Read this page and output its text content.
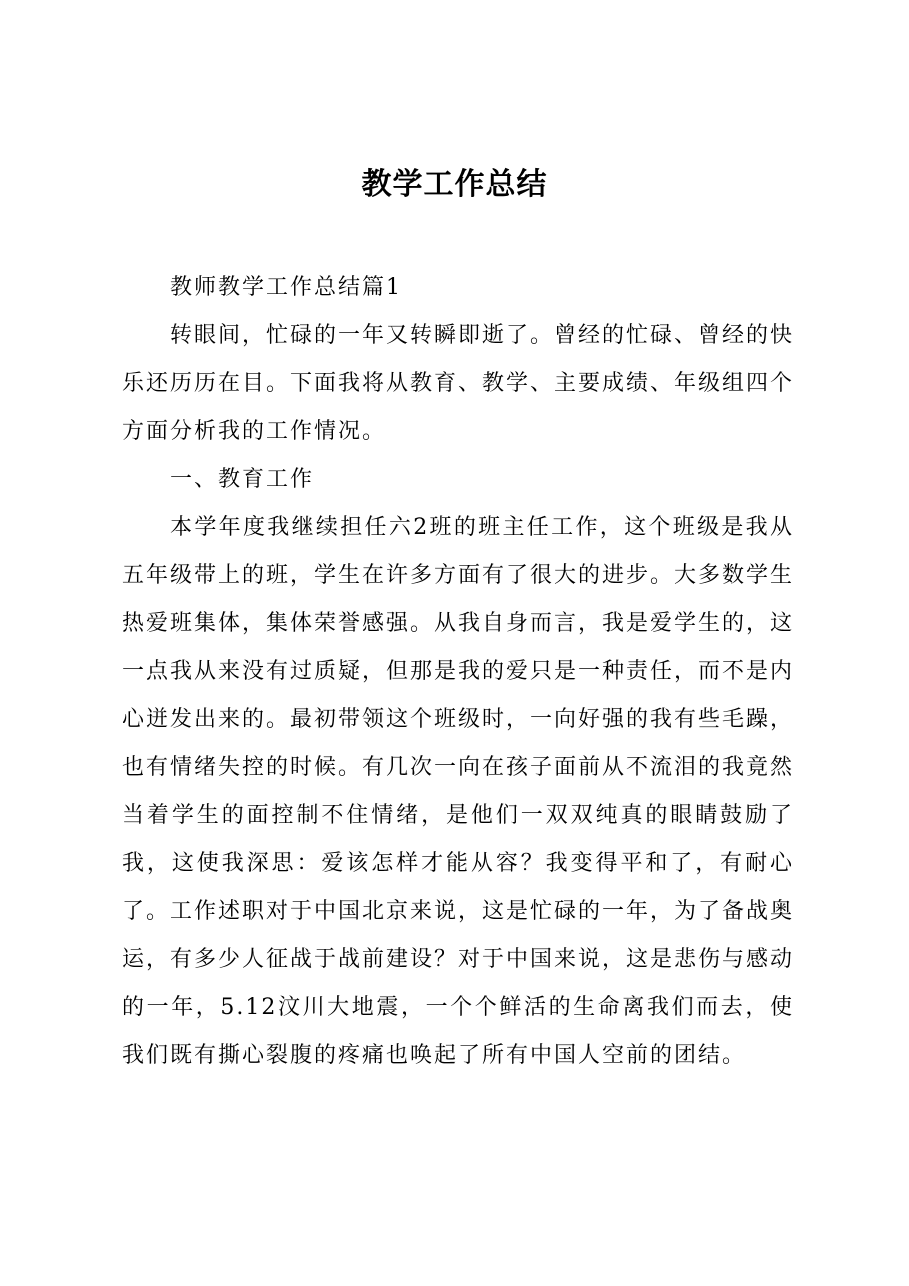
教学工作总结

教师教学工作总结篇1

转眼间，忙碌的一年又转瞬即逝了。曾经的忙碌、曾经的快乐还历历在目。下面我将从教育、教学、主要成绩、年级组四个方面分析我的工作情况。

一、教育工作

本学年度我继续担任六2班的班主任工作，这个班级是我从五年级带上的班，学生在许多方面有了很大的进步。大多数学生热爱班集体，集体荣誉感强。从我自身而言，我是爱学生的，这一点我从来没有过质疑，但那是我的爱只是一种责任，而不是内心迸发出来的。最初带领这个班级时，一向好强的我有些毛躁，也有情绪失控的时候。有几次一向在孩子面前从不流泪的我竟然当着学生的面控制不住情绪，是他们一双双纯真的眼睛鼓励了我，这使我深思：爱该怎样才能从容？我变得平和了，有耐心了。工作述职对于中国北京来说，这是忙碌的一年，为了备战奥运，有多少人征战于战前建设？对于中国来说，这是悲伤与感动的一年，5.12汶川大地震，一个个鲜活的生命离我们而去，使我们既有撕心裂腹的疼痛也唤起了所有中国人空前的团结。
